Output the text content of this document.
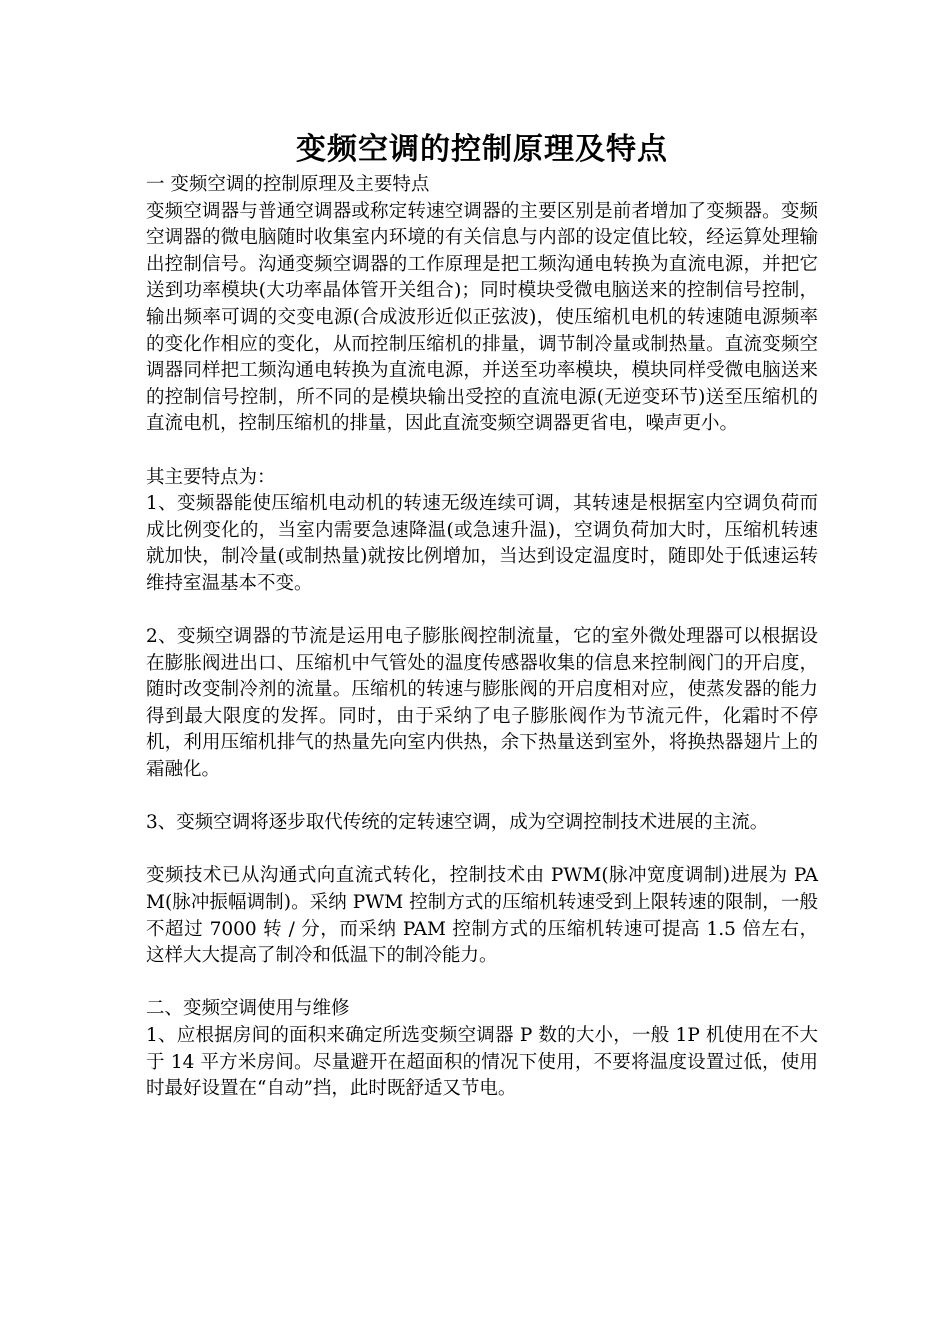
变频空调的控制原理及特点

一 变频空调的控制原理及主要特点

变频空调器与普通空调器或称定转速空调器的主要区别是前者增加了变频器。变频空调器的微电脑随时收集室内环境的有关信息与内部的设定值比较，经运算处理输出控制信号。沟通变频空调器的工作原理是把工频沟通电转换为直流电源，并把它送到功率模块(大功率晶体管开关组合)；同时模块受微电脑送来的控制信号控制，输出频率可调的交变电源(合成波形近似正弦波)，使压缩机电机的转速随电源频率的变化作相应的变化，从而控制压缩机的排量，调节制冷量或制热量。直流变频空调器同样把工频沟通电转换为直流电源，并送至功率模块，模块同样受微电脑送来的控制信号控制，所不同的是模块输出受控的直流电源(无逆变环节)送至压缩机的直流电机，控制压缩机的排量，因此直流变频空调器更省电，噪声更小。

其主要特点为：

1、变频器能使压缩机电动机的转速无级连续可调，其转速是根据室内空调负荷而成比例变化的，当室内需要急速降温(或急速升温)，空调负荷加大时，压缩机转速就加快，制冷量(或制热量)就按比例增加，当达到设定温度时，随即处于低速运转维持室温基本不变。

2、变频空调器的节流是运用电子膨胀阀控制流量，它的室外微处理器可以根据设在膨胀阀进出口、压缩机中气管处的温度传感器收集的信息来控制阀门的开启度，随时改变制冷剂的流量。压缩机的转速与膨胀阀的开启度相对应，使蒸发器的能力得到最大限度的发挥。同时，由于采纳了电子膨胀阀作为节流元件，化霜时不停机，利用压缩机排气的热量先向室内供热，余下热量送到室外，将换热器翅片上的霜融化。

3、变频空调将逐步取代传统的定转速空调，成为空调控制技术进展的主流。

变频技术已从沟通式向直流式转化，控制技术由 PWM(脉冲宽度调制)进展为 PAM(脉冲振幅调制)。采纳 PWM 控制方式的压缩机转速受到上限转速的限制，一般不超过 7000 转 / 分，而采纳 PAM 控制方式的压缩机转速可提高 1.5 倍左右，这样大大提高了制冷和低温下的制冷能力。

二、变频空调使用与维修

1、应根据房间的面积来确定所选变频空调器 P 数的大小，一般 1P 机使用在不大于 14 平方米房间。尽量避开在超面积的情况下使用，不要将温度设置过低，使用时最好设置在“自动”挡，此时既舒适又节电。
